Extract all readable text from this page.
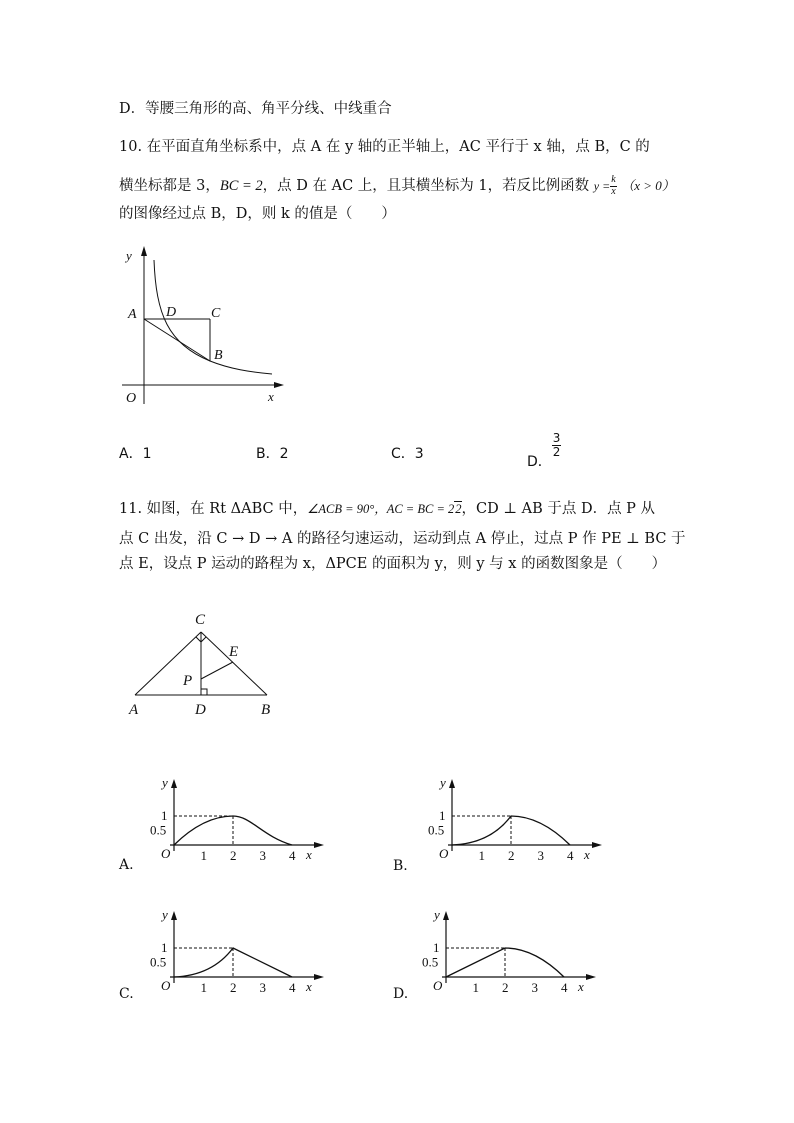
D．等腰三角形的高、角平分线、中线重合
10. 在平面直角坐标系中，点 A 在 y 轴的正半轴上，AC 平行于 x 轴，点 B，C 的
横坐标都是 3，BC = 2，点 D 在 AC 上，且其横坐标为 1，若反比例函数 $y = \frac{k}{x} (x > 0)$
的图像经过点 B，D，则 k 的值是（　　）
y
x
O
A D C
B
A．1	B．2	C．3
D．
$\frac{3}{2}$
11. 如图，在 Rt ΔABC 中，∠ACB = 90°，AC = BC = 22，CD ⊥ AB 于点 D．点 P 从
点 C 出发，沿 C → D → A 的路径匀速运动，运动到点 A 停止，过点 P 作 PE ⊥ BC 于
点 E，设点 P 运动的路程为 x，ΔPCE 的面积为 y，则 y 与 x 的函数图象是（　　）
C
E
P
A	D	B
y
1
0.5
O 1 2 3 4 x
A.
y
1
0.5
O 1 2 3 4 x
B.
y
1
0.5
O 1 2 3 4 x
C.
y
1
0.5
O 1 2 3 4 x
D.
